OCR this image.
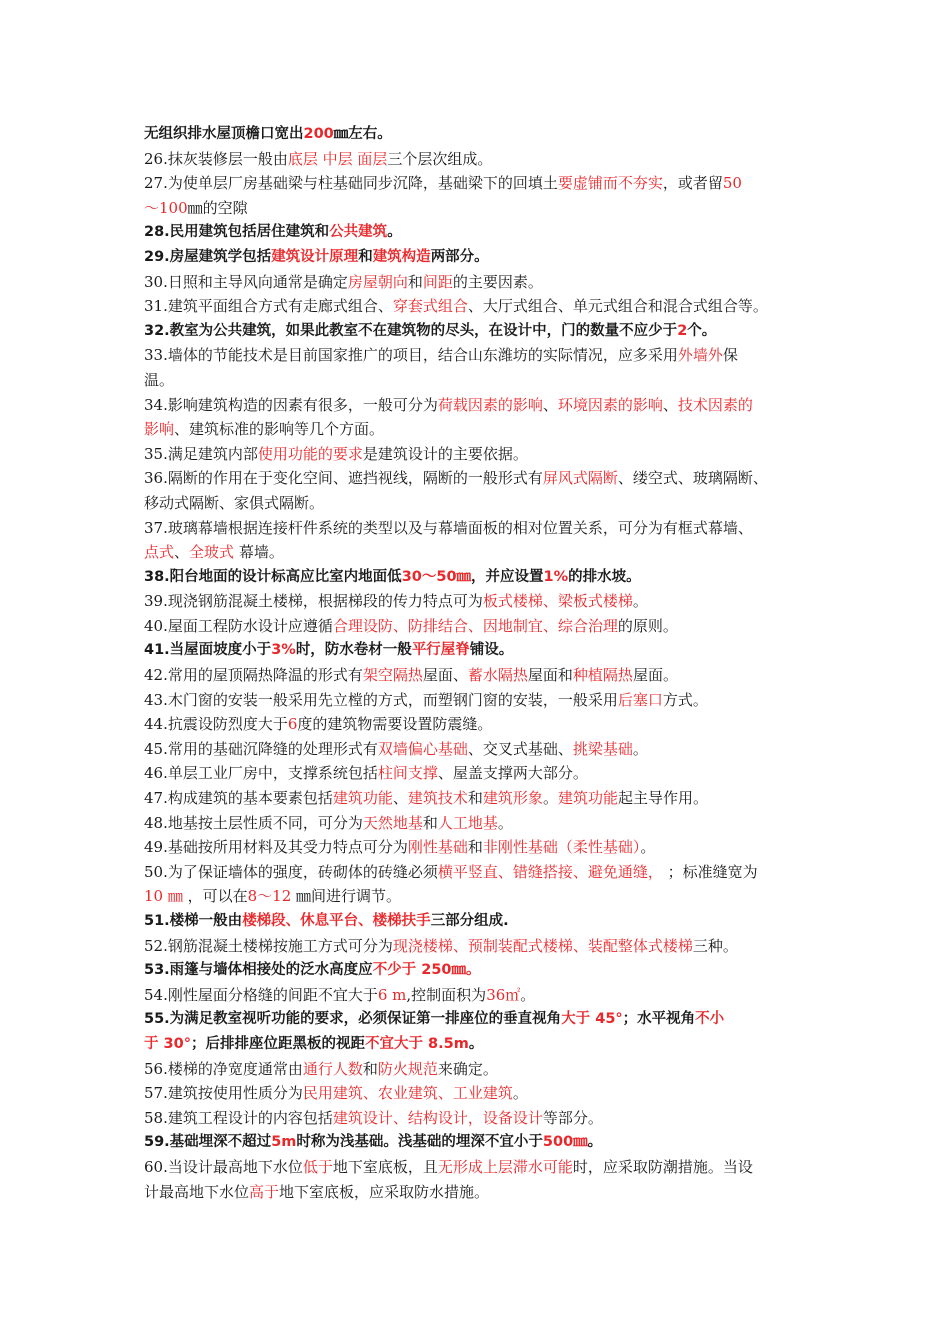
无组织排水屋顶檐口宽出200㎜左右。
26.抹灰装修层一般由底层 中层 面层三个层次组成。
27.为使单层厂房基础梁与柱基础同步沉降，基础梁下的回填土要虚铺而不夯实，或者留50
～100㎜的空隙
28.民用建筑包括居住建筑和公共建筑。
29.房屋建筑学包括建筑设计原理和建筑构造两部分。
30.日照和主导风向通常是确定房屋朝向和间距的主要因素。
31.建筑平面组合方式有走廊式组合、穿套式组合、大厅式组合、单元式组合和混合式组合等。
32.教室为公共建筑，如果此教室不在建筑物的尽头，在设计中，门的数量不应少于2个。
33.墙体的节能技术是目前国家推广的项目，结合山东潍坊的实际情况，应多采用外墙外保
温。
34.影响建筑构造的因素有很多，一般可分为荷载因素的影响、环境因素的影响、技术因素的
影响、建筑标准的影响等几个方面。
35.满足建筑内部使用功能的要求是建筑设计的主要依据。
36.隔断的作用在于变化空间、遮挡视线，隔断的一般形式有屏风式隔断、缕空式、玻璃隔断、
移动式隔断、家俱式隔断。
37.玻璃幕墙根据连接杆件系统的类型以及与幕墙面板的相对位置关系，可分为有框式幕墙、
点式、全玻式 幕墙。
38.阳台地面的设计标高应比室内地面低30～50㎜，并应设置1%的排水坡。
39.现浇钢筋混凝土楼梯，根据梯段的传力特点可为板式楼梯、梁板式楼梯。
40.屋面工程防水设计应遵循合理设防、防排结合、因地制宜、综合治理的原则。
41.当屋面坡度小于3%时，防水卷材一般平行屋脊铺设。
42.常用的屋顶隔热降温的形式有架空隔热屋面、蓄水隔热屋面和种植隔热屋面。
43.木门窗的安装一般采用先立樘的方式，而塑钢门窗的安装，一般采用后塞口方式。
44.抗震设防烈度大于6度的建筑物需要设置防震缝。
45.常用的基础沉降缝的处理形式有双墙偏心基础、交叉式基础、挑梁基础。
46.单层工业厂房中，支撑系统包括柱间支撑、屋盖支撑两大部分。
47.构成建筑的基本要素包括建筑功能、建筑技术和建筑形象。建筑功能起主导作用。
48.地基按土层性质不同，可分为天然地基和人工地基。
49.基础按所用材料及其受力特点可分为刚性基础和非刚性基础（柔性基础）。
50.为了保证墙体的强度，砖砌体的砖缝必须横平竖直、错缝搭接、避免通缝， ；标准缝宽为
10 ㎜ ，可以在8～12 ㎜间进行调节。
51.楼梯一般由楼梯段、休息平台、楼梯扶手三部分组成.
52.钢筋混凝土楼梯按施工方式可分为现浇楼梯、预制装配式楼梯、装配整体式楼梯三种。
53.雨篷与墙体相接处的泛水高度应不少于 250㎜。
54.刚性屋面分格缝的间距不宜大于6 m,控制面积为36㎡。
55.为满足教室视听功能的要求，必须保证第一排座位的垂直视角大于 45°；水平视角不小
于 30°；后排排座位距黑板的视距不宜大于 8.5m。
56.楼梯的净宽度通常由通行人数和防火规范来确定。
57.建筑按使用性质分为民用建筑、农业建筑、工业建筑。
58.建筑工程设计的内容包括建筑设计、结构设计，设备设计等部分。
59.基础埋深不超过5m时称为浅基础。浅基础的埋深不宜小于500㎜。
60.当设计最高地下水位低于地下室底板，且无形成上层滞水可能时，应采取防潮措施。当设
计最高地下水位高于地下室底板，应采取防水措施。
